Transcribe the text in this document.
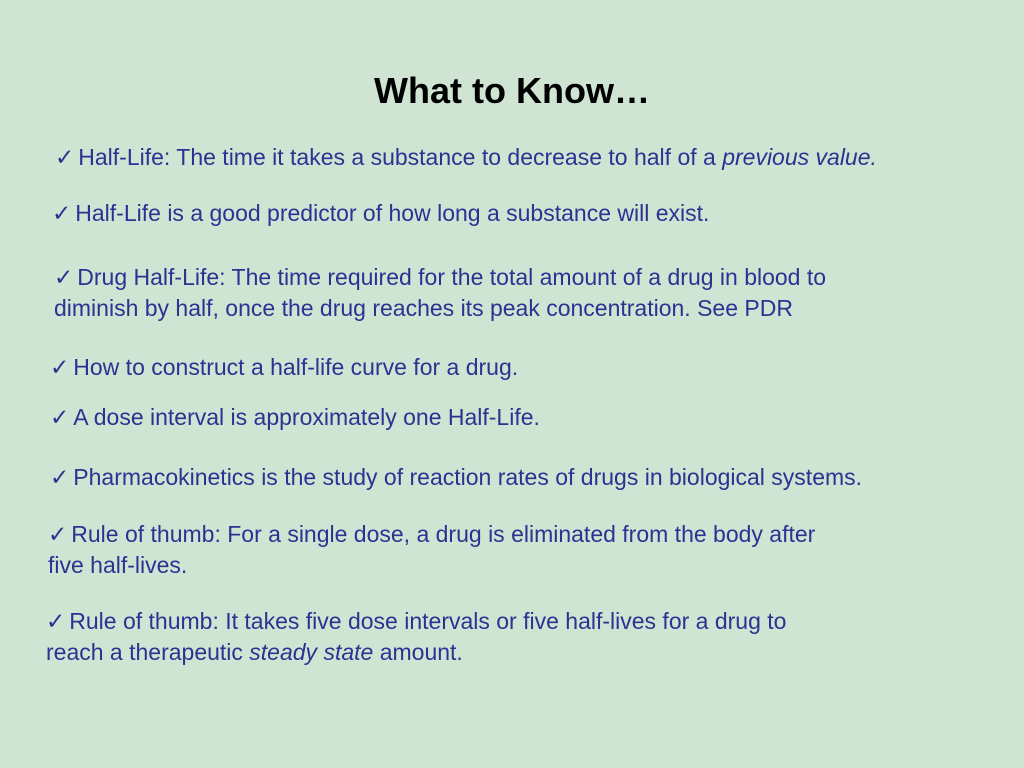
What to Know…
✓ Half-Life: The time it takes a substance to decrease to half of a previous value.
✓ Half-Life is a good predictor of how long a substance will exist.
✓ Drug Half-Life: The time required for the total amount of a drug in blood to
diminish by half, once the drug reaches its peak concentration. See PDR
✓ How to construct a half-life curve for a drug.
✓ A dose interval is approximately one Half-Life.
✓ Pharmacokinetics is the study of reaction rates of drugs in biological systems.
✓ Rule of thumb: For a single dose, a drug is eliminated from the body after
five half-lives.
✓ Rule of thumb: It takes five dose intervals or five half-lives for a drug to
reach a therapeutic steady state amount.
